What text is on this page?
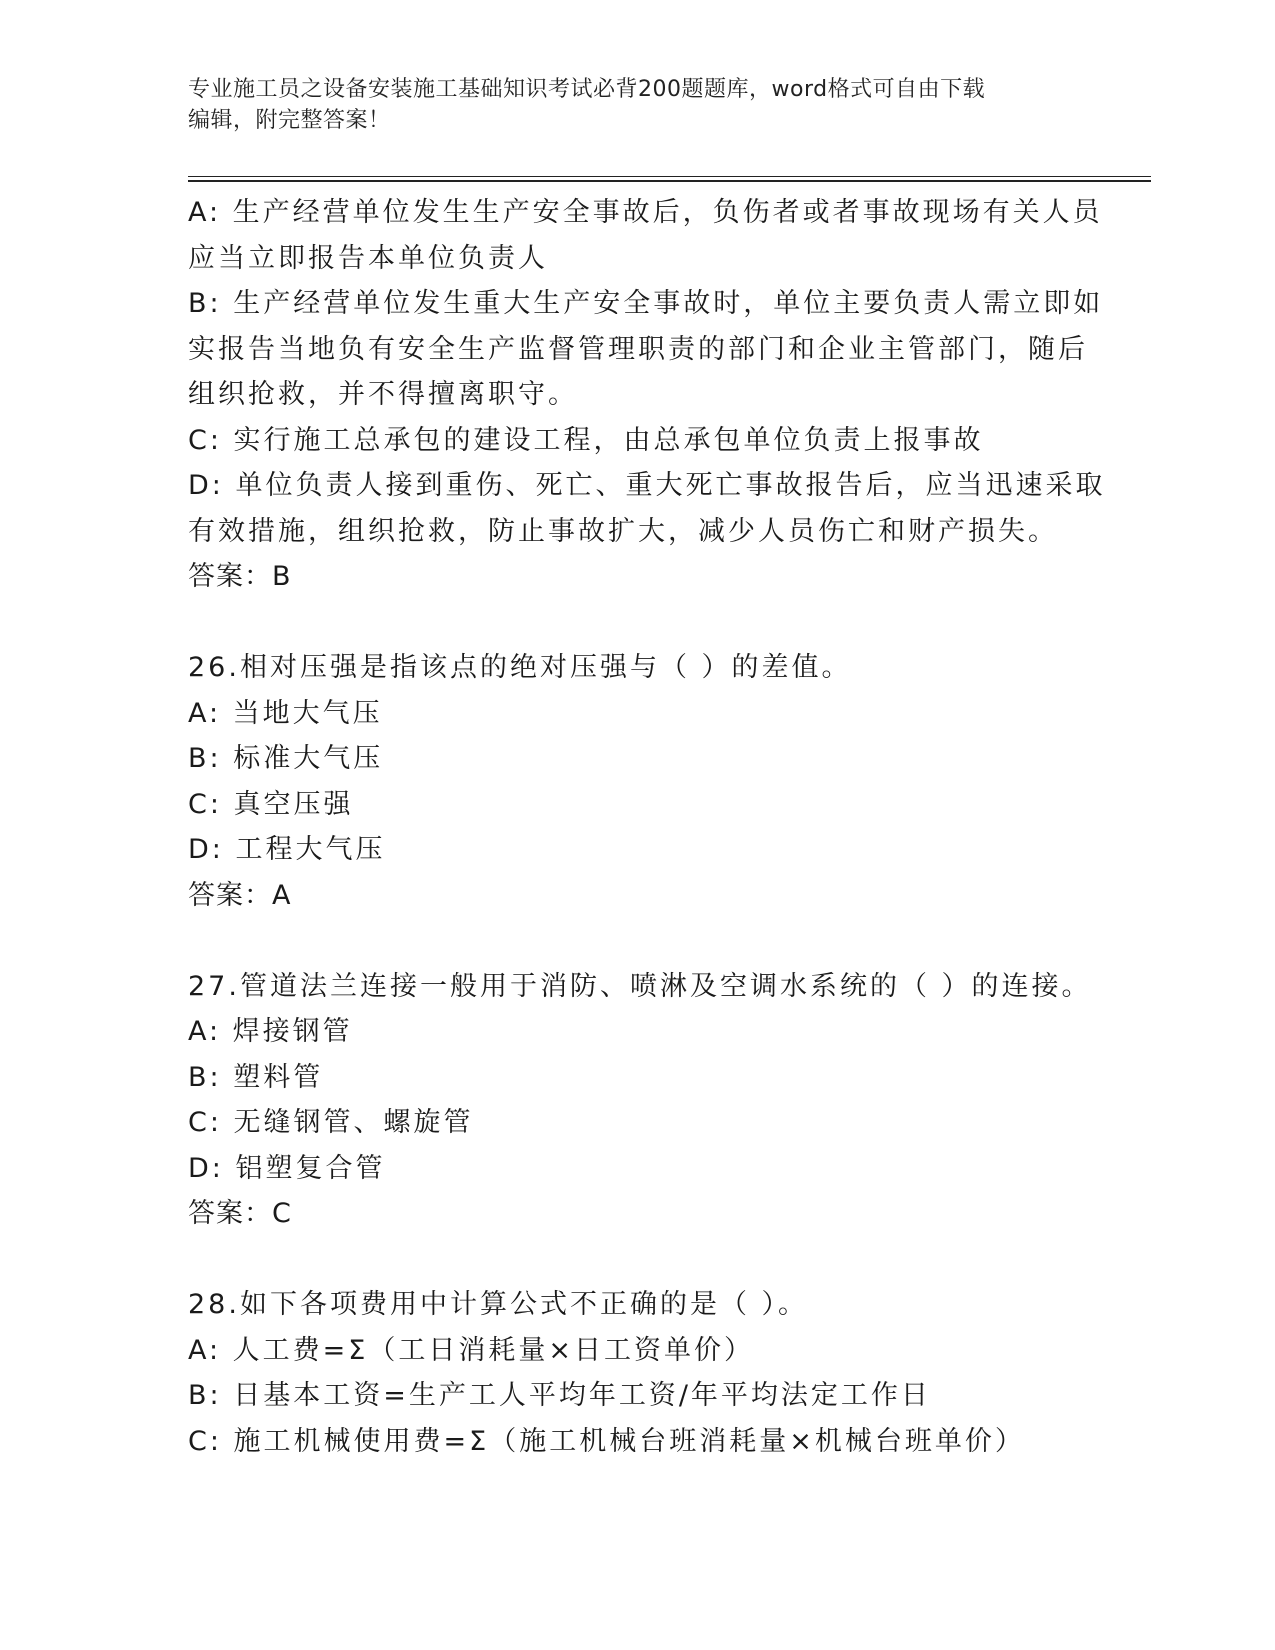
专业施工员之设备安装施工基础知识考试必背200题题库，word格式可自由下载
编辑，附完整答案！
A: 生产经营单位发生生产安全事故后，负伤者或者事故现场有关人员
应当立即报告本单位负责人
B: 生产经营单位发生重大生产安全事故时，单位主要负责人需立即如
实报告当地负有安全生产监督管理职责的部门和企业主管部门，随后
组织抢救，并不得擅离职守。
C: 实行施工总承包的建设工程，由总承包单位负责上报事故
D: 单位负责人接到重伤、死亡、重大死亡事故报告后，应当迅速采取
有效措施，组织抢救，防止事故扩大，减少人员伤亡和财产损失。
答案：B
26.相对压强是指该点的绝对压强与（ ）的差值。
A: 当地大气压
B: 标准大气压
C: 真空压强
D: 工程大气压
答案：A
27.管道法兰连接一般用于消防、喷淋及空调水系统的（ ）的连接。
A: 焊接钢管
B: 塑料管
C: 无缝钢管、螺旋管
D: 铝塑复合管
答案：C
28.如下各项费用中计算公式不正确的是（ ）。
A: 人工费=Σ（工日消耗量×日工资单价）
B: 日基本工资=生产工人平均年工资/年平均法定工作日
C: 施工机械使用费=Σ（施工机械台班消耗量×机械台班单价）
